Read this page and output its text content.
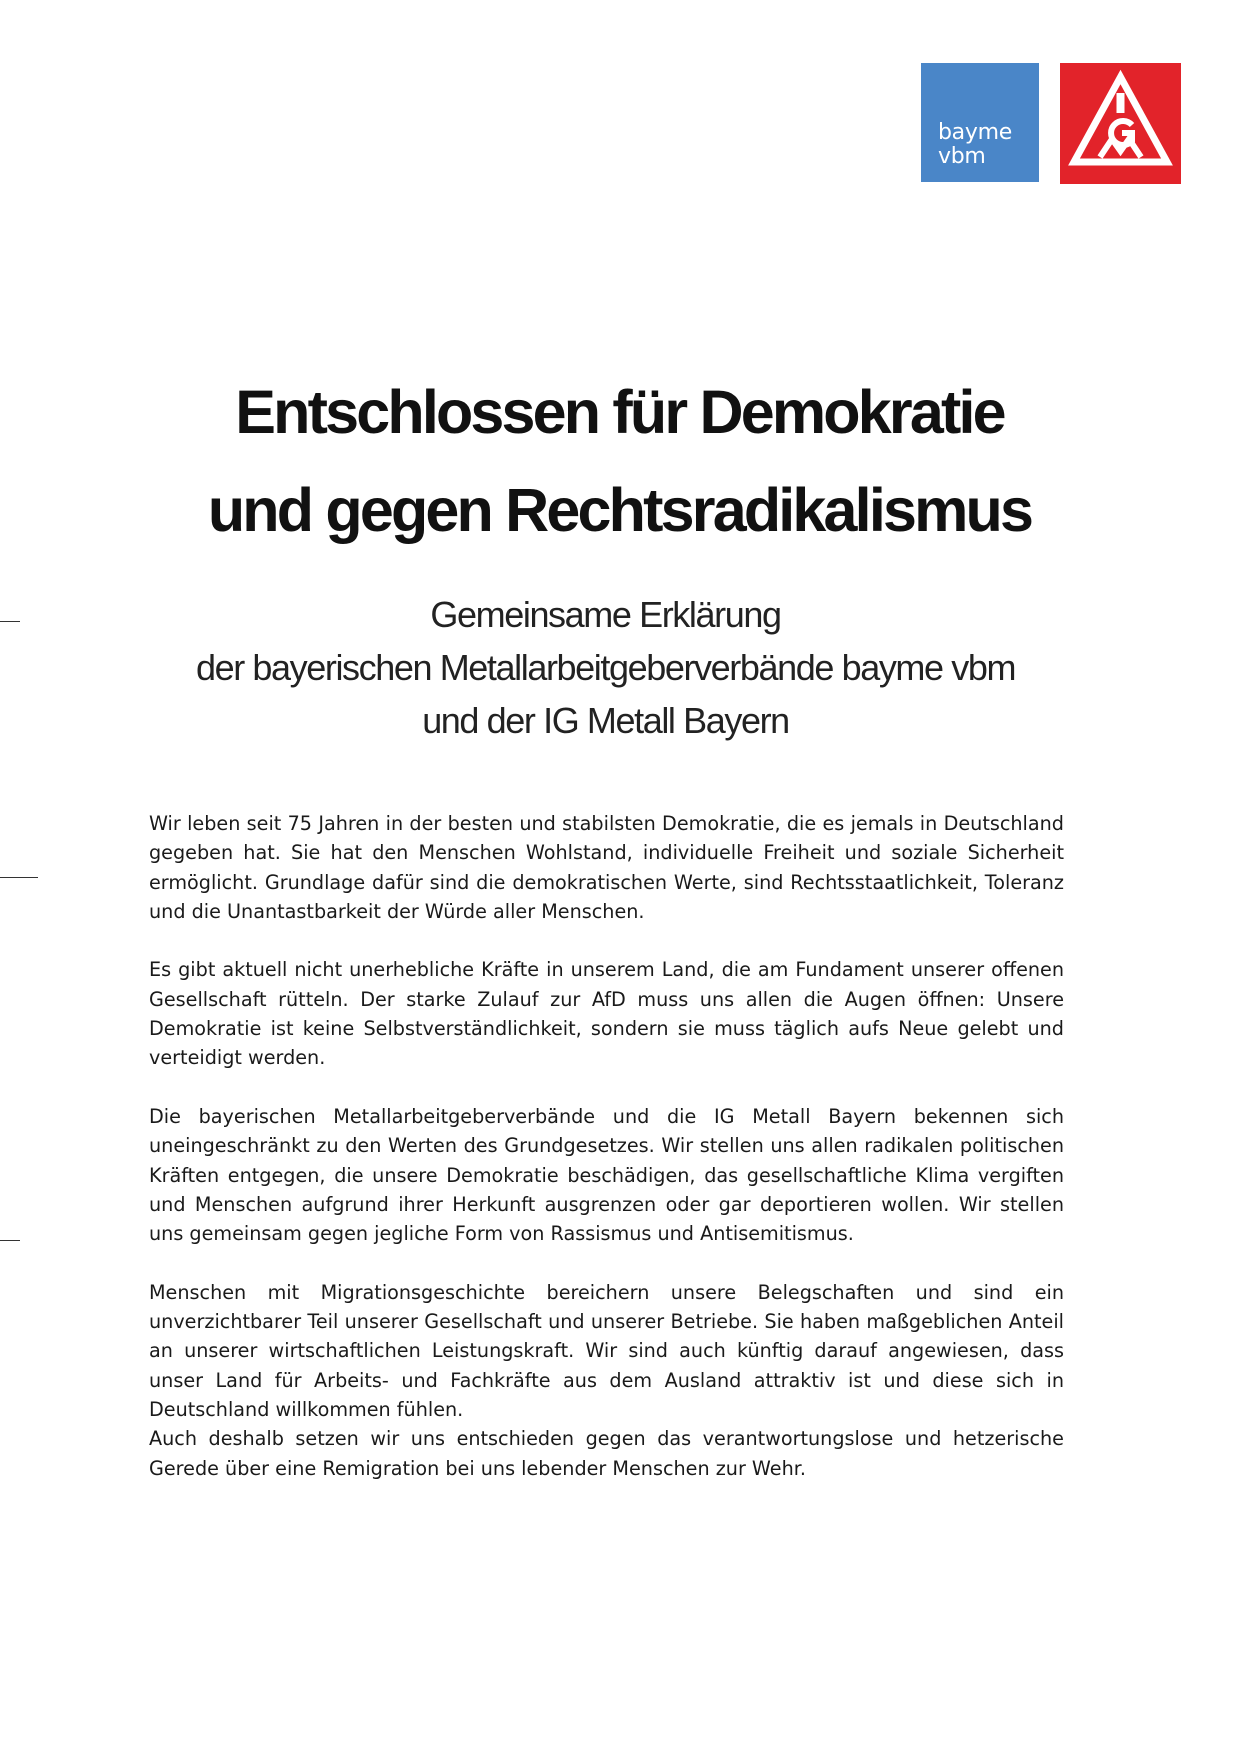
bayme
vbm
Entschlossen für Demokratie
und gegen Rechtsradikalismus
Gemeinsame Erklärung
der bayerischen Metallarbeitgeberverbände bayme vbm
und der IG Metall Bayern

Wir leben seit 75 Jahren in der besten und stabilsten Demokratie, die es jemals in Deutschland gegeben hat. Sie hat den Menschen Wohlstand, individuelle Freiheit und soziale Sicherheit ermöglicht. Grundlage dafür sind die demokratischen Werte, sind Rechtsstaatlichkeit, Toleranz und die Unantastbarkeit der Würde aller Menschen.

Es gibt aktuell nicht unerhebliche Kräfte in unserem Land, die am Fundament unserer offenen Gesellschaft rütteln. Der starke Zulauf zur AfD muss uns allen die Augen öffnen: Unsere Demokratie ist keine Selbstverständlichkeit, sondern sie muss täglich aufs Neue gelebt und verteidigt werden.

Die bayerischen Metallarbeitgeberverbände und die IG Metall Bayern bekennen sich uneingeschränkt zu den Werten des Grundgesetzes. Wir stellen uns allen radikalen politischen Kräften entgegen, die unsere Demokratie beschädigen, das gesellschaftliche Klima vergiften und Menschen aufgrund ihrer Herkunft ausgrenzen oder gar deportieren wollen. Wir stellen uns gemeinsam gegen jegliche Form von Rassismus und Antisemitismus.

Menschen mit Migrationsgeschichte bereichern unsere Belegschaften und sind ein unverzichtbarer Teil unserer Gesellschaft und unserer Betriebe. Sie haben maßgeblichen Anteil an unserer wirtschaftlichen Leistungskraft. Wir sind auch künftig darauf angewiesen, dass unser Land für Arbeits- und Fachkräfte aus dem Ausland attraktiv ist und diese sich in Deutschland willkommen fühlen.

Auch deshalb setzen wir uns entschieden gegen das verantwortungslose und hetzerische Gerede über eine Remigration bei uns lebender Menschen zur Wehr.
